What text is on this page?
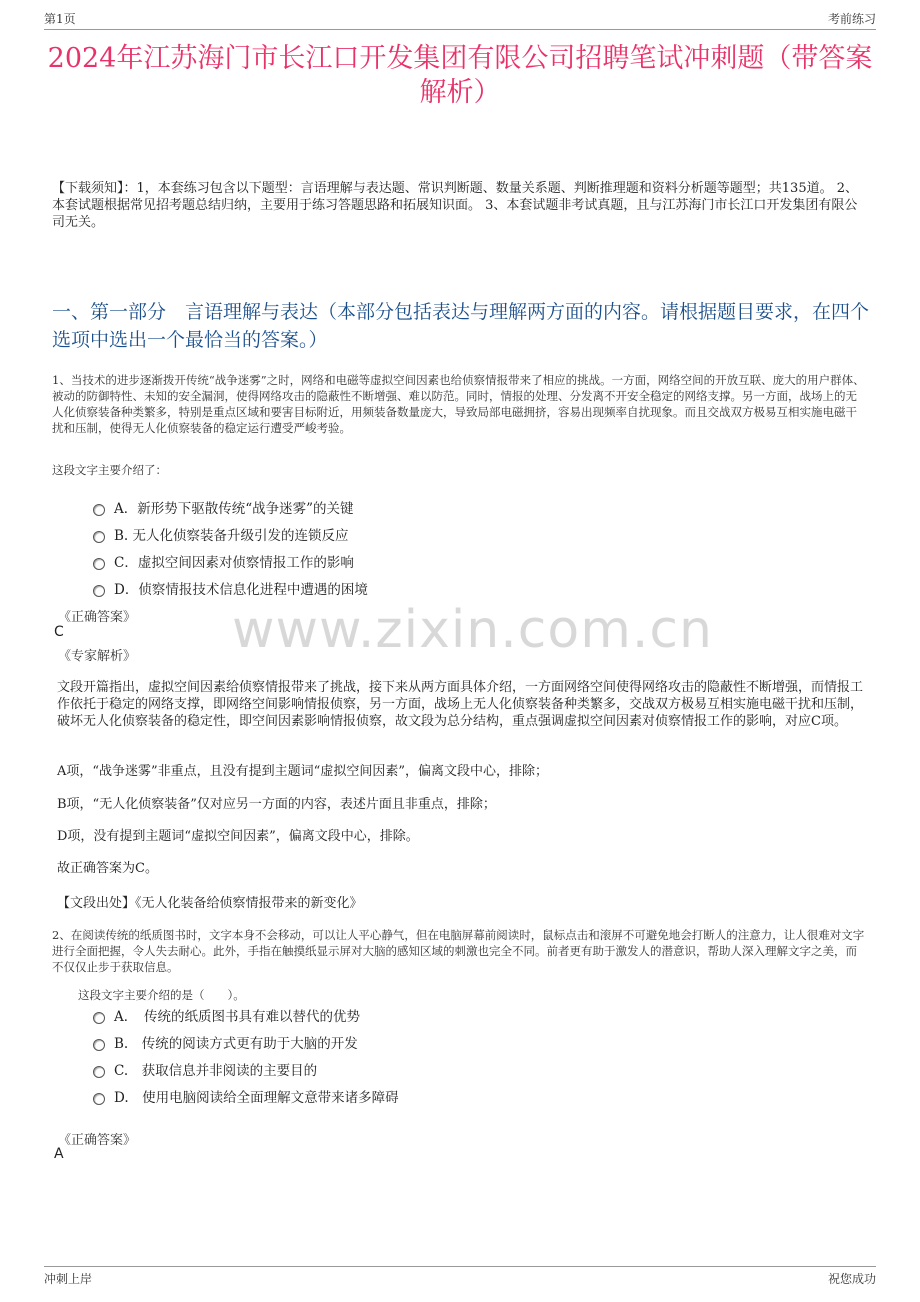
第1页	考前练习
2024年江苏海门市长江口开发集团有限公司招聘笔试冲刺题（带答案解析）
【下载须知】：1，本套练习包含以下题型：言语理解与表达题、常识判断题、数量关系题、判断推理题和资料分析题等题型；共135道。 2、本套试题根据常见招考题总结归纳，主要用于练习答题思路和拓展知识面。 3、本套试题非考试真题，且与江苏海门市长江口开发集团有限公司无关。
一、第一部分　言语理解与表达（本部分包括表达与理解两方面的内容。请根据题目要求，在四个选项中选出一个最恰当的答案。）
www.zixin.com.cn
1、当技术的进步逐渐拨开传统“战争迷雾”之时，网络和电磁等虚拟空间因素也给侦察情报带来了相应的挑战。一方面，网络空间的开放互联、庞大的用户群体、被动的防御特性、未知的安全漏洞，使得网络攻击的隐蔽性不断增强、难以防范。同时，情报的处理、分发离不开安全稳定的网络支撑。另一方面，战场上的无人化侦察装备种类繁多，特别是重点区域和要害目标附近，用频装备数量庞大，导致局部电磁拥挤，容易出现频率自扰现象。而且交战双方极易互相实施电磁干扰和压制，使得无人化侦察装备的稳定运行遭受严峻考验。
这段文字主要介绍了：
A．新形势下驱散传统“战争迷雾”的关键
B. 无人化侦察装备升级引发的连锁反应
C．虚拟空间因素对侦察情报工作的影响
D．侦察情报技术信息化进程中遭遇的困境
《正确答案》
C
《专家解析》
文段开篇指出，虚拟空间因素给侦察情报带来了挑战，接下来从两方面具体介绍，一方面网络空间使得网络攻击的隐蔽性不断增强，而情报工作依托于稳定的网络支撑，即网络空间影响情报侦察，另一方面，战场上无人化侦察装备种类繁多，交战双方极易互相实施电磁干扰和压制，破坏无人化侦察装备的稳定性，即空间因素影响情报侦察，故文段为总分结构，重点强调虚拟空间因素对侦察情报工作的影响，对应C项。
A项，“战争迷雾”非重点，且没有提到主题词“虚拟空间因素”，偏离文段中心，排除；
B项，“无人化侦察装备”仅对应另一方面的内容，表述片面且非重点，排除；
D项，没有提到主题词“虚拟空间因素”，偏离文段中心，排除。
故正确答案为C。
【文段出处】《无人化装备给侦察情报带来的新变化》
2、在阅读传统的纸质图书时，文字本身不会移动，可以让人平心静气，但在电脑屏幕前阅读时，鼠标点击和滚屏不可避免地会打断人的注意力，让人很难对文字进行全面把握，令人失去耐心。此外，手指在触摸纸显示屏对大脑的感知区域的刺激也完全不同。前者更有助于激发人的潜意识，帮助人深入理解文字之美，而不仅仅止步于获取信息。
这段文字主要介绍的是（　　）。
A．　传统的纸质图书具有难以替代的优势
B.　传统的阅读方式更有助于大脑的开发
C.　获取信息并非阅读的主要目的
D.　使用电脑阅读给全面理解文意带来诸多障碍
《正确答案》
A
冲刺上岸	祝您成功
